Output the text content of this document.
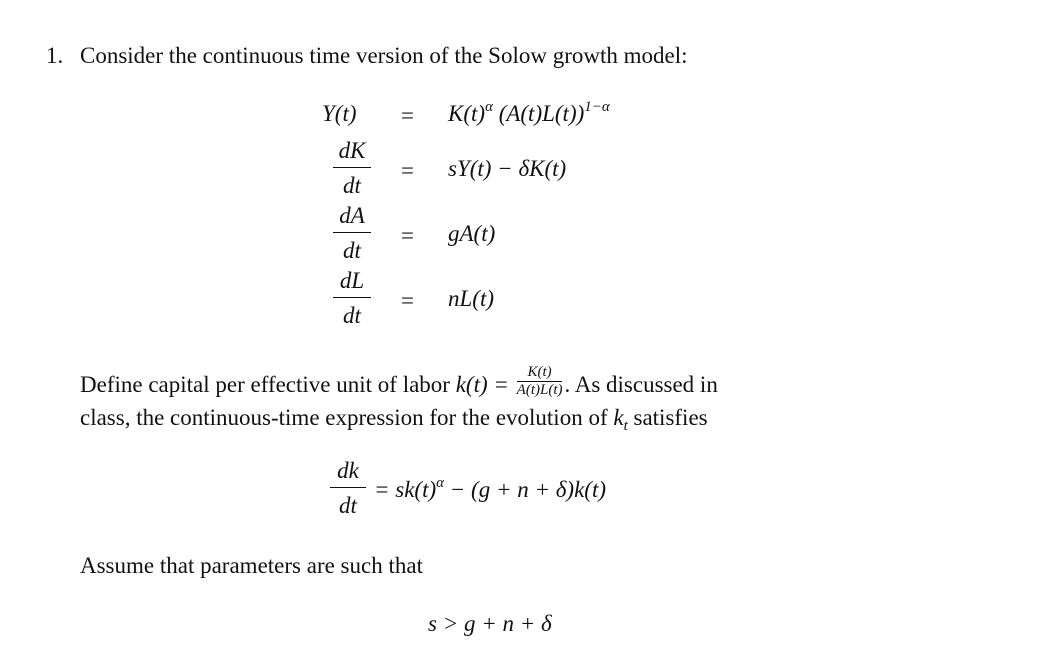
1. Consider the continuous time version of the Solow growth model:
$Y(t) = K(t)^\alpha$ $(A(t)L(t))^{1-\alpha}$
dK
dt
= sY(t) − δK(t)
dA
dt
= gA(t)
dL
dt
= nL(t)
Define capital per effective unit of labor $k(t) = \frac{K(t)}{A(t)L(t)}$ . As discussed in
class, the continuous-time expression for the evolution of $k_t$ satisfies
dk
dt
= $sk(t)^\alpha - (g + n + \delta)k(t)$
Assume that parameters are such that
s > g + n + δ
